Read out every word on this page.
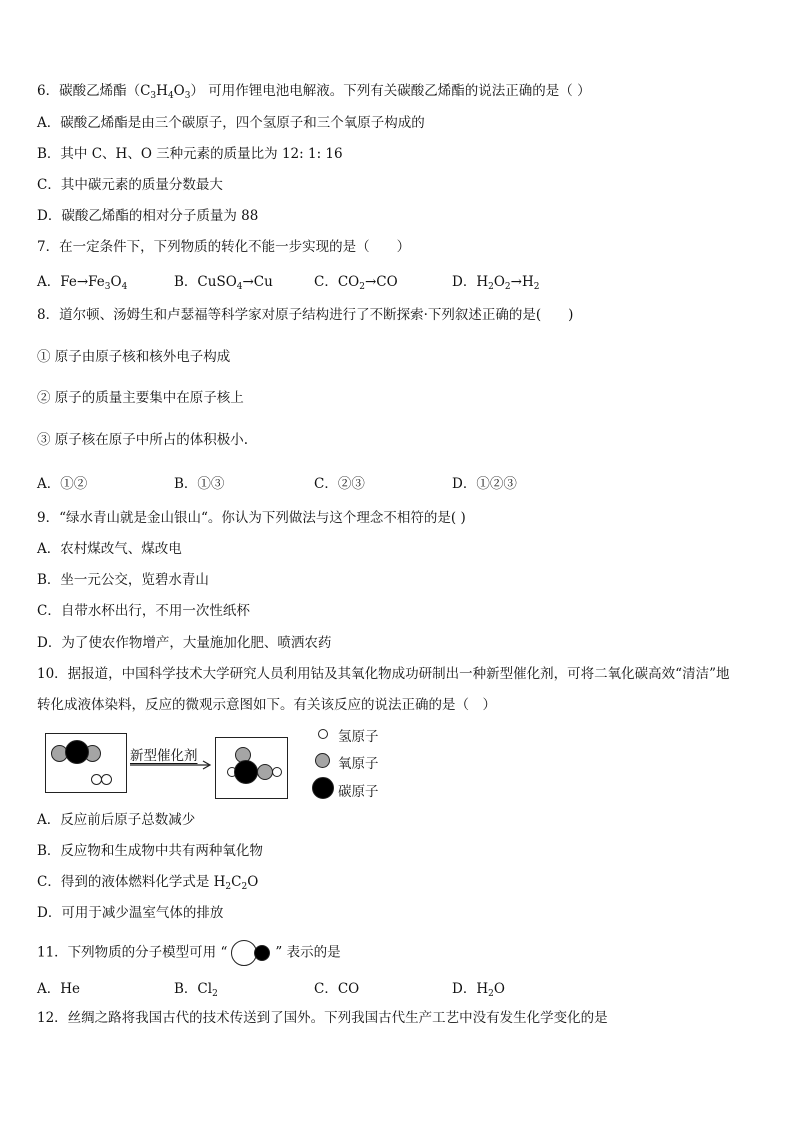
6．碳酸乙烯酯$(C_3H_4O_3)$ 可用作锂电池电解液。下列有关碳酸乙烯酯的说法正确的是（ ）
A．碳酸乙烯酯是由三个碳原子，四个氢原子和三个氧原子构成的
B．其中 C、H、O 三种元素的质量比为 12: 1: 16
C．其中碳元素的质量分数最大
D．碳酸乙烯酯的相对分子质量为 88
7．在一定条件下，下列物质的转化不能一步实现的是（　　）
A．$Fe\to Fe_3O_4$	B．CuSO$_4$→Cu	C．$CO_2\to CO$	D．$H_2O_2\to H_2$
8．道尔顿、汤姆生和卢瑟福等科学家对原子结构进行了不断探索·下列叙述正确的是(　　)
① 原子由原子核和核外电子构成
② 原子的质量主要集中在原子核上
③ 原子核在原子中所占的体积极小.
A．①②	B．①③	C．②③	D．①②③
9．“绿水青山就是金山银山“。你认为下列做法与这个理念不相符的是( )
A．农村煤改气、煤改电
B．坐一元公交，览碧水青山
C．自带水杯出行，不用一次性纸杯
D．为了使农作物增产，大量施加化肥、喷洒农药
10．据报道，中国科学技术大学研究人员利用钴及其氧化物成功研制出一种新型催化剂，可将二氧化碳高效“清洁”地
转化成液体染料，反应的微观示意图如下。有关该反应的说法正确的是（　）
新型催化剂
氢原子
氧原子
碳原子
A．反应前后原子总数减少
B．反应物和生成物中共有两种氧化物
C．得到的液体燃料化学式是 $H_2C_2O$
D．可用于减少温室气体的排放
11．下列物质的分子模型可用 “	” 表示的是
A．He	B．$Cl_2$	C．CO	D．$H_2O$
12．丝绸之路将我国古代的技术传送到了国外。下列我国古代生产工艺中没有发生化学变化的是
